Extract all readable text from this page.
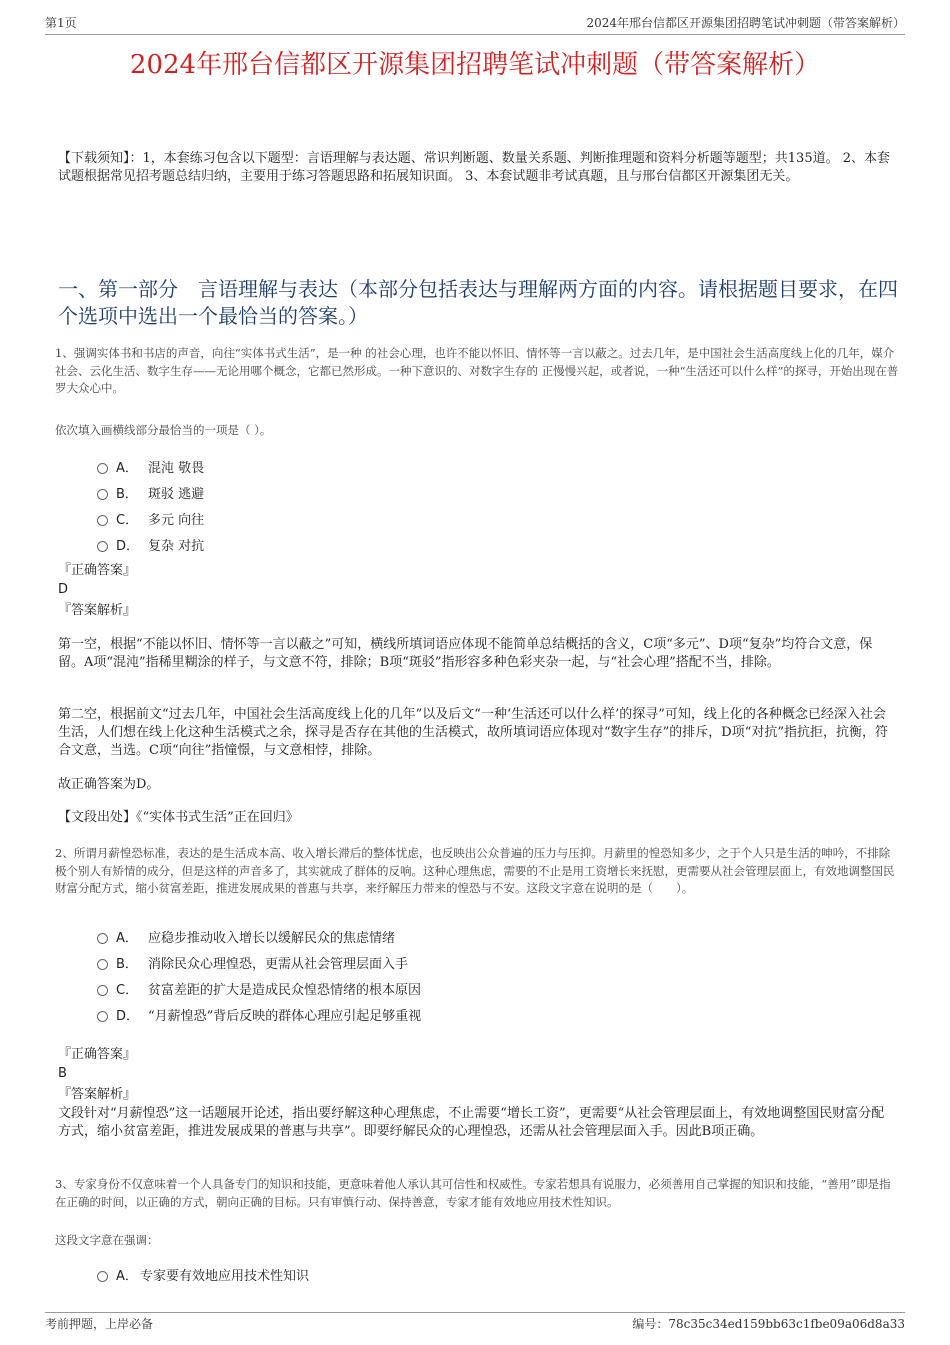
第1页	2024年邢台信都区开源集团招聘笔试冲刺题（带答案解析）
2024年邢台信都区开源集团招聘笔试冲刺题（带答案解析）
【下载须知】：1，本套练习包含以下题型：言语理解与表达题、常识判断题、数量关系题、判断推理题和资料分析题等题型；共135道。 2、本套试题根据常见招考题总结归纳，主要用于练习答题思路和拓展知识面。 3、本套试题非考试真题，且与邢台信都区开源集团无关。
一、第一部分　言语理解与表达（本部分包括表达与理解两方面的内容。请根据题目要求，在四个选项中选出一个最恰当的答案。）
1、强调实体书和书店的声音，向往“实体书式生活”，是一种 的社会心理，也许不能以怀旧、情怀等一言以蔽之。过去几年，是中国社会生活高度线上化的几年，媒介社会、云化生活、数字生存——无论用哪个概念，它都已然形成。一种下意识的、对数字生存的 正慢慢兴起，或者说，一种“生活还可以什么样”的探寻，开始出现在普罗大众心中。
依次填入画横线部分最恰当的一项是（ ）。
A． 混沌 敬畏
B． 斑驳 逃避
C． 多元 向往
D． 复杂 对抗
『正确答案』
D
『答案解析』
第一空，根据“不能以怀旧、情怀等一言以蔽之”可知，横线所填词语应体现不能简单总结概括的含义，C项“多元”、D项“复杂”均符合文意，保留。A项“混沌”指稀里糊涂的样子，与文意不符，排除；B项“斑驳”指形容多种色彩夹杂一起，与“社会心理”搭配不当，排除。
第二空，根据前文“过去几年，中国社会生活高度线上化的几年”以及后文“一种‘生活还可以什么样’的探寻”可知，线上化的各种概念已经深入社会生活，人们想在线上化这种生活模式之余，探寻是否存在其他的生活模式，故所填词语应体现对“数字生存”的排斥，D项“对抗”指抗拒，抗衡，符合文意，当选。C项“向往”指憧憬，与文意相悖，排除。
故正确答案为D。
【文段出处】《“实体书式生活”正在回归》
2、所谓月薪惶恐标准，表达的是生活成本高、收入增长滞后的整体忧虑，也反映出公众普遍的压力与压抑。月薪里的惶恐知多少，之于个人只是生活的呻吟，不排除极个别人有矫情的成分，但是这样的声音多了，其实就成了群体的反响。这种心理焦虑，需要的不止是用工资增长来抚慰，更需要从社会管理层面上，有效地调整国民财富分配方式，缩小贫富差距，推进发展成果的普惠与共享，来纾解压力带来的惶恐与不安。这段文字意在说明的是（　　）。
A． 应稳步推动收入增长以缓解民众的焦虑情绪
B． 消除民众心理惶恐，更需从社会管理层面入手
C． 贫富差距的扩大是造成民众惶恐情绪的根本原因
D． “月薪惶恐”背后反映的群体心理应引起足够重视
『正确答案』
B
『答案解析』
文段针对“月薪惶恐”这一话题展开论述，指出要纾解这种心理焦虑，不止需要“增长工资”，更需要“从社会管理层面上，有效地调整国民财富分配方式，缩小贫富差距，推进发展成果的普惠与共享”。即要纾解民众的心理惶恐，还需从社会管理层面入手。因此B项正确。
3、专家身份不仅意味着一个人具备专门的知识和技能，更意味着他人承认其可信性和权威性。专家若想具有说服力，必须善用自己掌握的知识和技能，“善用”即是指在正确的时间，以正确的方式，朝向正确的目标。只有审慎行动、保持善意，专家才能有效地应用技术性知识。
这段文字意在强调：
A． 专家要有效地应用技术性知识
考前押题，上岸必备	编号：78c35c34ed159bb63c1fbe09a06d8a33
